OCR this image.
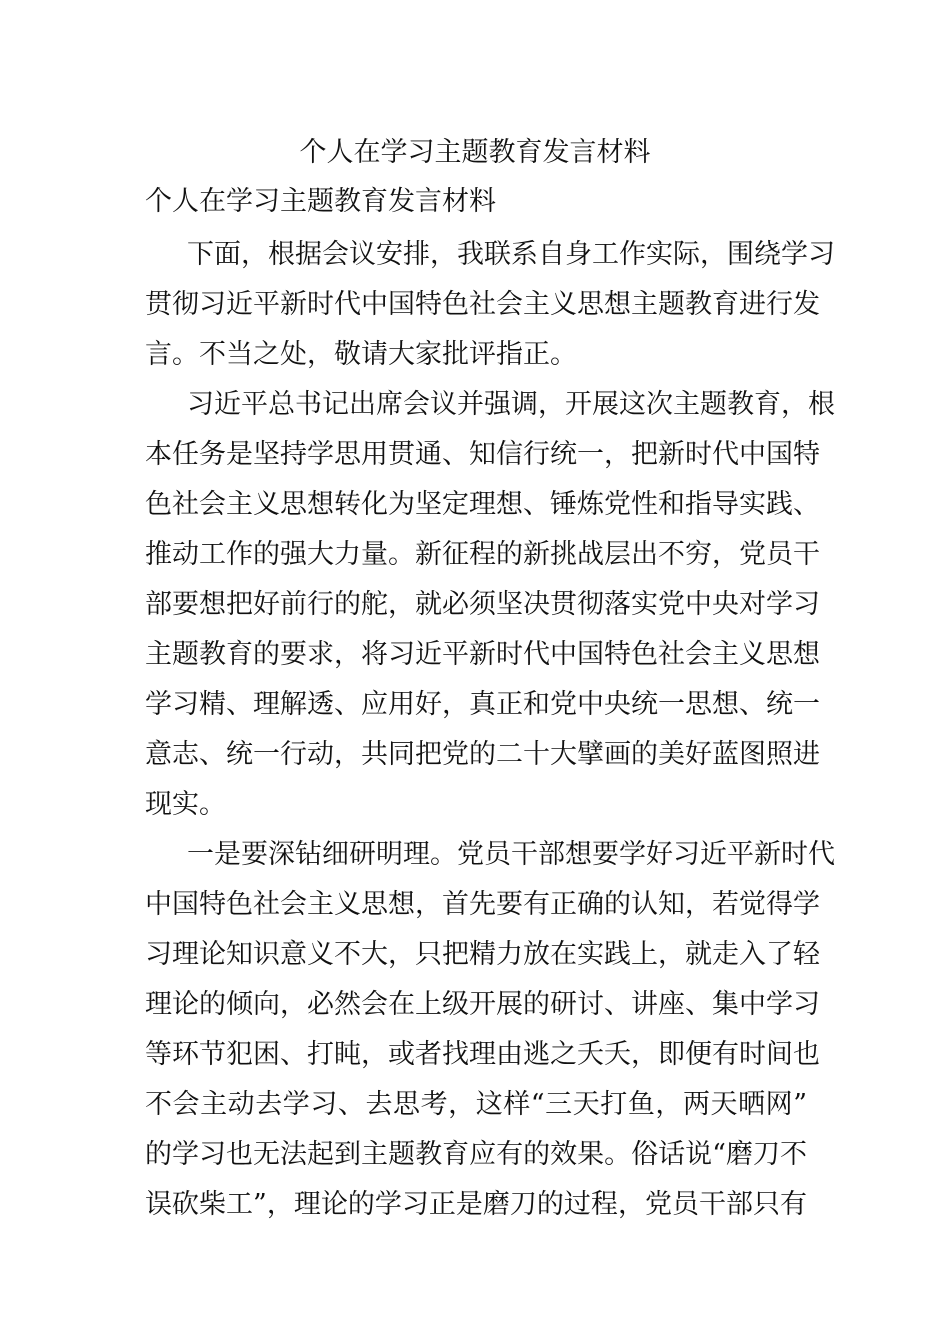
个人在学习主题教育发言材料
个人在学习主题教育发言材料

下面，根据会议安排，我联系自身工作实际，围绕学习
贯彻习近平新时代中国特色社会主义思想主题教育进行发
言。不当之处，敬请大家批评指正。

习近平总书记出席会议并强调，开展这次主题教育，根
本任务是坚持学思用贯通、知信行统一，把新时代中国特
色社会主义思想转化为坚定理想、锤炼党性和指导实践、
推动工作的强大力量。新征程的新挑战层出不穷，党员干
部要想把好前行的舵，就必须坚决贯彻落实党中央对学习
主题教育的要求，将习近平新时代中国特色社会主义思想
学习精、理解透、应用好，真正和党中央统一思想、统一
意志、统一行动，共同把党的二十大擘画的美好蓝图照进
现实。

一是要深钻细研明理。党员干部想要学好习近平新时代
中国特色社会主义思想，首先要有正确的认知，若觉得学
习理论知识意义不大，只把精力放在实践上，就走入了轻
理论的倾向，必然会在上级开展的研讨、讲座、集中学习
等环节犯困、打盹，或者找理由逃之夭夭，即便有时间也
不会主动去学习、去思考，这样“三天打鱼，两天晒网”
的学习也无法起到主题教育应有的效果。俗话说“磨刀不
误砍柴工”，理论的学习正是磨刀的过程，党员干部只有
